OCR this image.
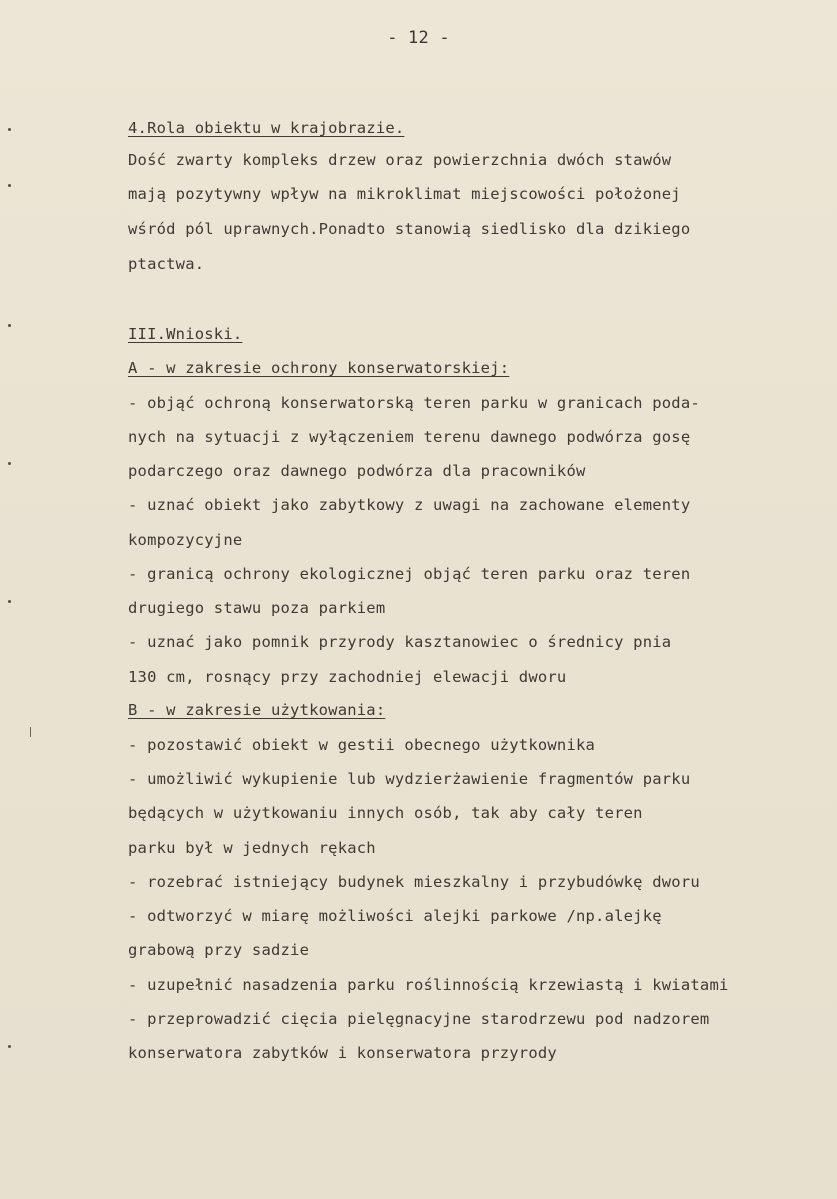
- 12 -
4.Rola obiektu w krajobrazie.
Dość zwarty kompleks drzew oraz powierzchnia dwóch stawów
mają pozytywny wpływ na mikroklimat miejscowości położonej
wśród pól uprawnych.Ponadto stanowią siedlisko dla dzikiego
ptactwa.
III.Wnioski.
A - w zakresie ochrony konserwatorskiej:
- objąć ochroną konserwatorską teren parku w granicach poda-
nych na sytuacji z wyłączeniem terenu dawnego podwórza gosę
podarczego oraz dawnego podwórza dla pracowników
- uznać obiekt jako zabytkowy z uwagi na zachowane elementy
kompozycyjne
- granicą ochrony ekologicznej objąć teren parku oraz teren
drugiego stawu poza parkiem
- uznać jako pomnik przyrody kasztanowiec o średnicy pnia
130 cm, rosnący przy zachodniej elewacji dworu
B - w zakresie użytkowania:
- pozostawić obiekt w gestii obecnego użytkownika
- umożliwić wykupienie lub wydzierżawienie fragmentów parku
będących w użytkowaniu innych osób, tak aby cały teren
parku był w jednych rękach
- rozebrać istniejący budynek mieszkalny i przybudówkę dworu
- odtworzyć w miarę możliwości alejki parkowe /np.alejkę
grabową przy sadzie
- uzupełnić nasadzenia parku roślinnością krzewiastą i kwiatami
- przeprowadzić cięcia pielęgnacyjne starodrzewu pod nadzorem
konserwatora zabytków i konserwatora przyrody
